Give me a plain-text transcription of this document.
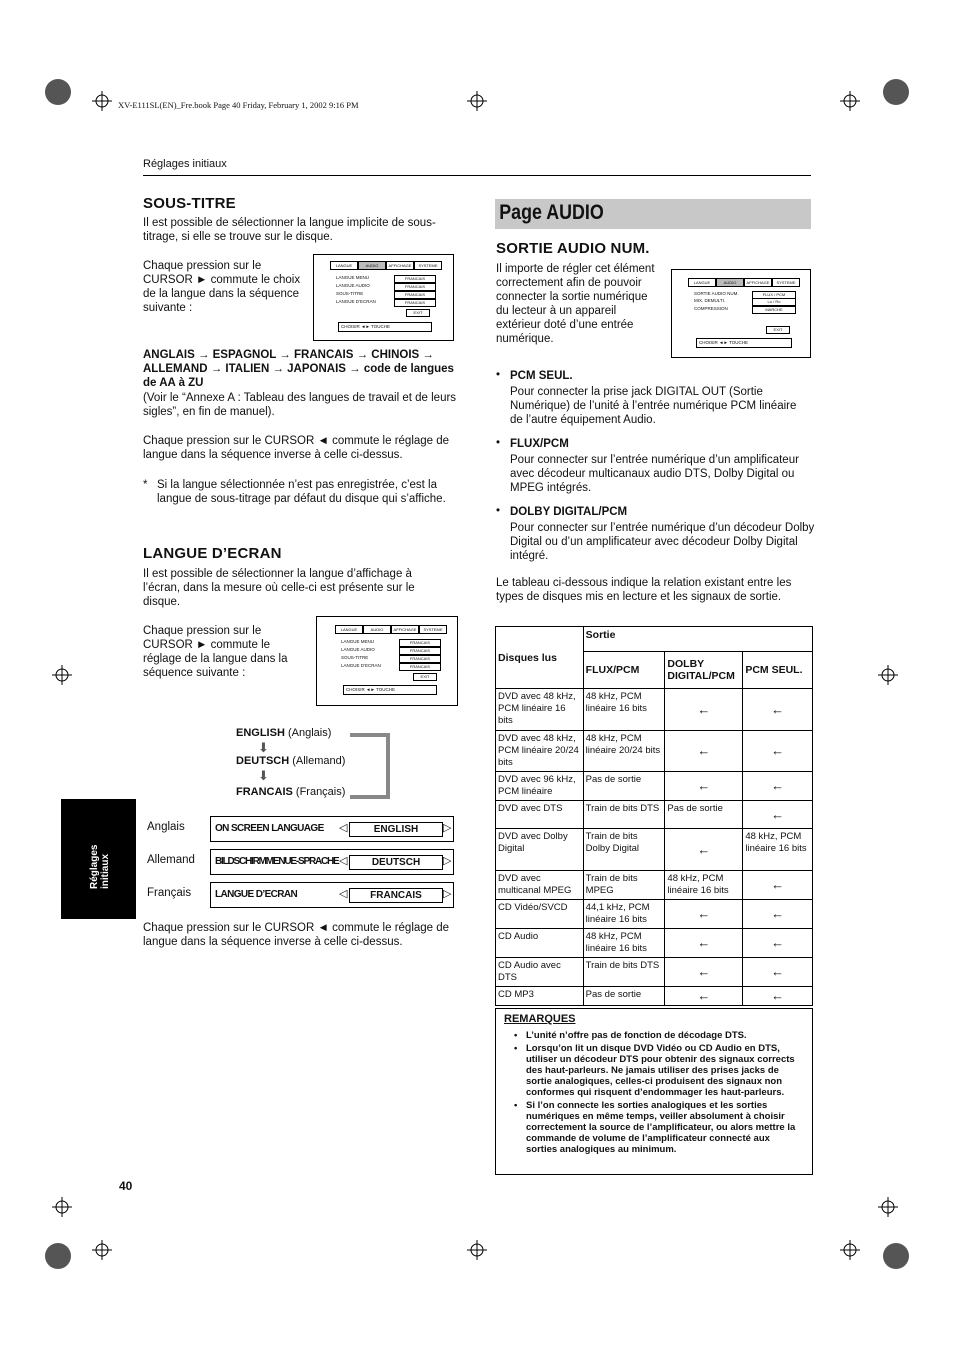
XV-E111SL(EN)_Fre.book Page 40 Friday, February 1, 2002 9:16 PM
Réglages initiaux
Réglages initiaux
SOUS-TITRE

Il est possible de sélectionner la langue implicite de sous-titrage, si elle se trouve sur le disque.

Chaque pression sur le CURSOR ► commute le choix de la langue dans la séquence suivante :

LANGUE	AUDIO	AFFICHAGE	SYSTEME
LANGUE MENU
LANGUE AUDIO
SOUS-TITRE
LANGUE D’ECRAN
FRANCAIS
FRANCAIS
FRANCAIS
FRANCAIS
EXIT
CHOISIR ◄► TOUCHE

ANGLAIS → ESPAGNOL → FRANCAIS → CHINOIS →
ALLEMAND → ITALIEN → JAPONAIS → code de langues
de AA à ZU

(Voir le “Annexe A : Tableau des langues de travail et de leurs sigles”, en fin de manuel).

Chaque pression sur le CURSOR ◄ commute le réglage de langue dans la séquence inverse à celle ci-dessus.

* Si la langue sélectionnée n’est pas enregistrée, c’est la langue de sous-titrage par défaut du disque qui s’affiche.

LANGUE D’ECRAN

Il est possible de sélectionner la langue d’affichage à l’écran, dans la mesure où celle-ci est présente sur le disque.

Chaque pression sur le CURSOR ► commute le réglage de la langue dans la séquence suivante :

LANGUE	AUDIO	AFFICHAGE	SYSTEME
LANGUE MENU
LANGUE AUDIO
SOUS-TITRE
LANGUE D’ECRAN
FRANCAIS
FRANCAIS
FRANCAIS
FRANCAIS
EXIT
CHOISIR ◄► TOUCHE
ENGLISH (Anglais)
⬇
DEUTSCH (Allemand)
⬇
FRANCAIS (Français)
Anglais	ON SCREEN LANGUAGE ◁	ENGLISH	▷
Allemand BILDSCHIRMMENUE-SPRACHE ◁	DEUTSCH	▷
Français LANGUE D’ECRAN	◁	FRANCAIS	▷

Chaque pression sur le CURSOR ◄ commute le réglage de langue dans la séquence inverse à celle ci-dessus.

Page AUDIO
SORTIE AUDIO NUM.

Il importe de régler cet élément correctement afin de pouvoir connecter la sortie numérique du lecteur à un appareil extérieur doté d’une entrée numérique.

LANGUE	AUDIO	AFFICHAGE	SYSTEME
SORTIE AUDIO NUM.
MIX. DEMULTI.
COMPRESSION
FLUX / PCM
Lo / Ro
MARCHE
EXIT
CHOISIR ◄► TOUCHE
• PCM SEUL.

Pour connecter la prise jack DIGITAL OUT (Sortie Numérique) de l’unité à l’entrée numérique PCM linéaire de l’autre équipement Audio.

• FLUX/PCM

Pour connecter sur l’entrée numérique d’un amplificateur avec décodeur multicanaux audio DTS, Dolby Digital ou MPEG intégrés.

• DOLBY DIGITAL/PCM

Pour connecter sur l’entrée numérique d’un décodeur Dolby Digital ou d’un amplificateur avec décodeur Dolby Digital intégré.

Le tableau ci-dessous indique la relation existant entre les types de disques mis en lecture et les signaux de sortie.

Disques lus	Sortie		
	FLUX/PCM	DOLBY DIGITAL/PCM	PCM SEUL.
DVD avec 48 kHz, PCM linéaire 16 bits	48 kHz, PCM linéaire 16 bits	←	←
DVD avec 48 kHz, PCM linéaire 20/24 bits	48 kHz, PCM linéaire 20/24 bits	←	←
DVD avec 96 kHz, PCM linéaire	Pas de sortie	←	←
DVD avec DTS	Train de bits DTS	Pas de sortie	←
DVD avec Dolby Digital	Train de bits Dolby Digital	←	48 kHz, PCM linéaire 16 bits
DVD avec multicanal MPEG	Train de bits MPEG	48 kHz, PCM linéaire 16 bits	←
CD Vidéo/SVCD	44,1 kHz, PCM linéaire 16 bits	←	←
CD Audio	48 kHz, PCM linéaire 16 bits	←	←
CD Audio avec DTS	Train de bits DTS	←	←
CD MP3	Pas de sortie	←	←
REMARQUES
• L’unité n’offre pas de fonction de décodage DTS.
• Lorsqu’on lit un disque DVD Vidéo ou CD Audio en DTS, utiliser un décodeur DTS pour obtenir des signaux corrects des haut-parleurs. Ne jamais utiliser des prises jacks de sortie analogiques, celles-ci produisent des signaux non conformes qui risquent d’endommager les haut-parleurs.
• Si l’on connecte les sorties analogiques et les sorties numériques en même temps, veiller absolument à choisir correctement la source de l’amplificateur, ou alors mettre la commande de volume de l’amplificateur connecté aux sorties analogiques au minimum.
40
